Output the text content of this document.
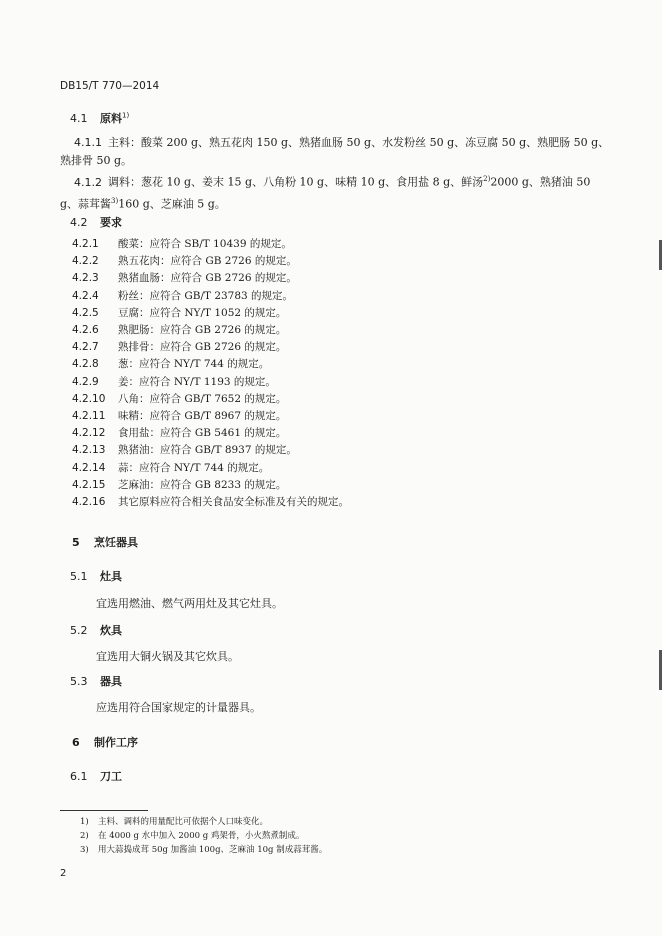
DB15/T 770—2014
4.1 原料$^{1)}$
4.1.1 主料：酸菜 200 g、熟五花肉 150 g、熟猪血肠 50 g、水发粉丝 50 g、冻豆腐 50 g、熟肥肠 50 g、熟排骨 50 g。
4.1.2 调料：葱花 10 g、姜末 15 g、八角粉 10 g、味精 10 g、食用盐 8 g、鲜汤$^{2)}$2000 g、熟猪油 50 g、蒜茸酱$^{3)}$160 g、芝麻油 5 g。
4.2 要求
4.2.1 酸菜：应符合 SB/T 10439 的规定。
4.2.2 熟五花肉：应符合 GB 2726 的规定。
4.2.3 熟猪血肠：应符合 GB 2726 的规定。
4.2.4 粉丝：应符合 GB/T 23783 的规定。
4.2.5 豆腐：应符合 NY/T 1052 的规定。
4.2.6 熟肥肠：应符合 GB 2726 的规定。
4.2.7 熟排骨：应符合 GB 2726 的规定。
4.2.8 葱：应符合 NY/T 744 的规定。
4.2.9 姜：应符合 NY/T 1193 的规定。
4.2.10 八角：应符合 GB/T 7652 的规定。
4.2.11 味精：应符合 GB/T 8967 的规定。
4.2.12 食用盐：应符合 GB 5461 的规定。
4.2.13 熟猪油：应符合 GB/T 8937 的规定。
4.2.14 蒜：应符合 NY/T 744 的规定。
4.2.15 芝麻油：应符合 GB 8233 的规定。
4.2.16 其它原料应符合相关食品安全标准及有关的规定。
5 烹饪器具
5.1 灶具
宜选用燃油、燃气两用灶及其它灶具。
5.2 炊具
宜选用大铜火锅及其它炊具。
5.3 器具
应选用符合国家规定的计量器具。
6 制作工序
6.1 刀工
1) 主料、调料的用量配比可依据个人口味变化。
2) 在 4000 g 水中加入 2000 g 鸡架骨，小火熬煮制成。
3) 用大蒜捣成茸 50g 加酱油 100g、芝麻油 10g 制成蒜茸酱。
2
